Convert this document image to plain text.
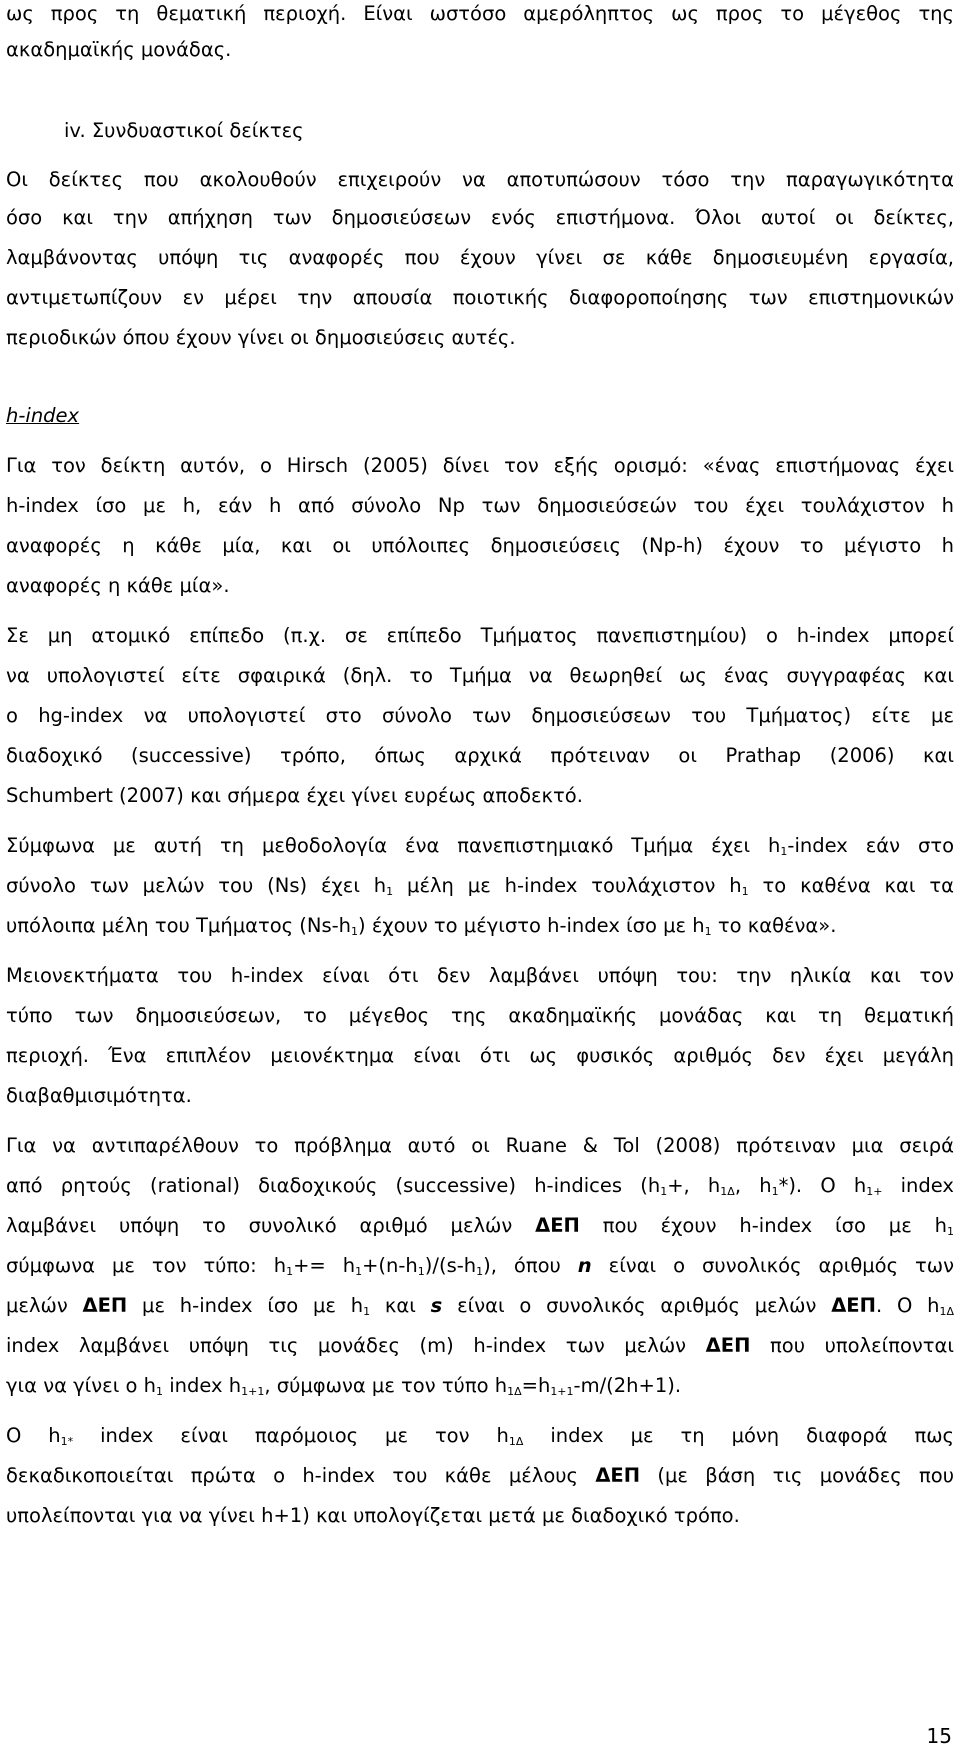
ως προς τη θεματική περιοχή. Είναι ωστόσο αμερόληπτος ως προς το μέγεθος της
ακαδημαϊκής μονάδας.
iv. Συνδυαστικοί δείκτες
Οι δείκτες που ακολουθούν επιχειρούν να αποτυπώσουν τόσο την παραγωγικότητα
όσο και την απήχηση των δημοσιεύσεων ενός επιστήμονα. Όλοι αυτοί οι δείκτες,
λαμβάνοντας υπόψη τις αναφορές που έχουν γίνει σε κάθε δημοσιευμένη εργασία,
αντιμετωπίζουν εν μέρει την απουσία ποιοτικής διαφοροποίησης των επιστημονικών
περιοδικών όπου έχουν γίνει οι δημοσιεύσεις αυτές.
h-index
Για τον δείκτη αυτόν, ο Hirsch (2005) δίνει τον εξής ορισμό: «ένας επιστήμονας έχει
h-index ίσο με h, εάν h από σύνολο Np των δημοσιεύσεών του έχει τουλάχιστον h
αναφορές η κάθε μία, και οι υπόλοιπες δημοσιεύσεις (Np-h) έχουν το μέγιστο h
αναφορές η κάθε μία».
Σε μη ατομικό επίπεδο (π.χ. σε επίπεδο Τμήματος πανεπιστημίου) ο h-index μπορεί
να υπολογιστεί είτε σφαιρικά (δηλ. το Τμήμα να θεωρηθεί ως ένας συγγραφέας και
ο hg-index να υπολογιστεί στο σύνολο των δημοσιεύσεων του Τμήματος) είτε με
διαδοχικό (successive) τρόπο, όπως αρχικά πρότειναν οι Prathap (2006) και
Schumbert (2007) και σήμερα έχει γίνει ευρέως αποδεκτό.
Σύμφωνα με αυτή τη μεθοδολογία ένα πανεπιστημιακό Τμήμα έχει $h_1$-index εάν στο
σύνολο των μελών του (Ns) έχει $h_1$ μέλη με h-index τουλάχιστον $h_1$ το καθένα και τα
υπόλοιπα μέλη του Τμήματος $(Ns-h_1)$ έχουν το μέγιστο h-index ίσο με $h_1$ το καθένα».
Μειονεκτήματα του h-index είναι ότι δεν λαμβάνει υπόψη του: την ηλικία και τον
τύπο των δημοσιεύσεων, το μέγεθος της ακαδημαϊκής μονάδας και τη θεματική
περιοχή. Ένα επιπλέον μειονέκτημα είναι ότι ως φυσικός αριθμός δεν έχει μεγάλη
διαβαθμισιμότητα.
Για να αντιπαρέλθουν το πρόβλημα αυτό οι Ruane & Tol (2008) πρότειναν μια σειρά
από ρητούς (rational) διαδοχικούς (successive) h-indices ($h_1+$, $h_{1\Delta}$, $h_1*$). Ο $h_{1+}$ index
λαμβάνει υπόψη το συνολικό αριθμό μελών ΔΕΠ που έχουν h-index ίσο με $h_1$
σύμφωνα με τον τύπο: $h_1+= h_1+(n-h_1)/(s-h_1)$, όπου n είναι ο συνολικός αριθμός των
μελών ΔΕΠ με h-index ίσο με $h_1$ και s είναι ο συνολικός αριθμός μελών ΔΕΠ. Ο $h_{1\Delta}$
index λαμβάνει υπόψη τις μονάδες (m) h-index των μελών ΔΕΠ που υπολείπονται
για να γίνει ο $h_1$ index $h_{1+1}$, σύμφωνα με τον τύπο $h_{1\Delta}=h_{1+1}-m/(2h+1)$.
Ο $h_{1*}$ index είναι παρόμοιος με τον $h_{1\Delta}$ index με τη μόνη διαφορά πως
δεκαδικοποιείται πρώτα ο h-index του κάθε μέλους ΔΕΠ (με βάση τις μονάδες που
υπολείπονται για να γίνει h+1) και υπολογίζεται μετά με διαδοχικό τρόπο.
15
